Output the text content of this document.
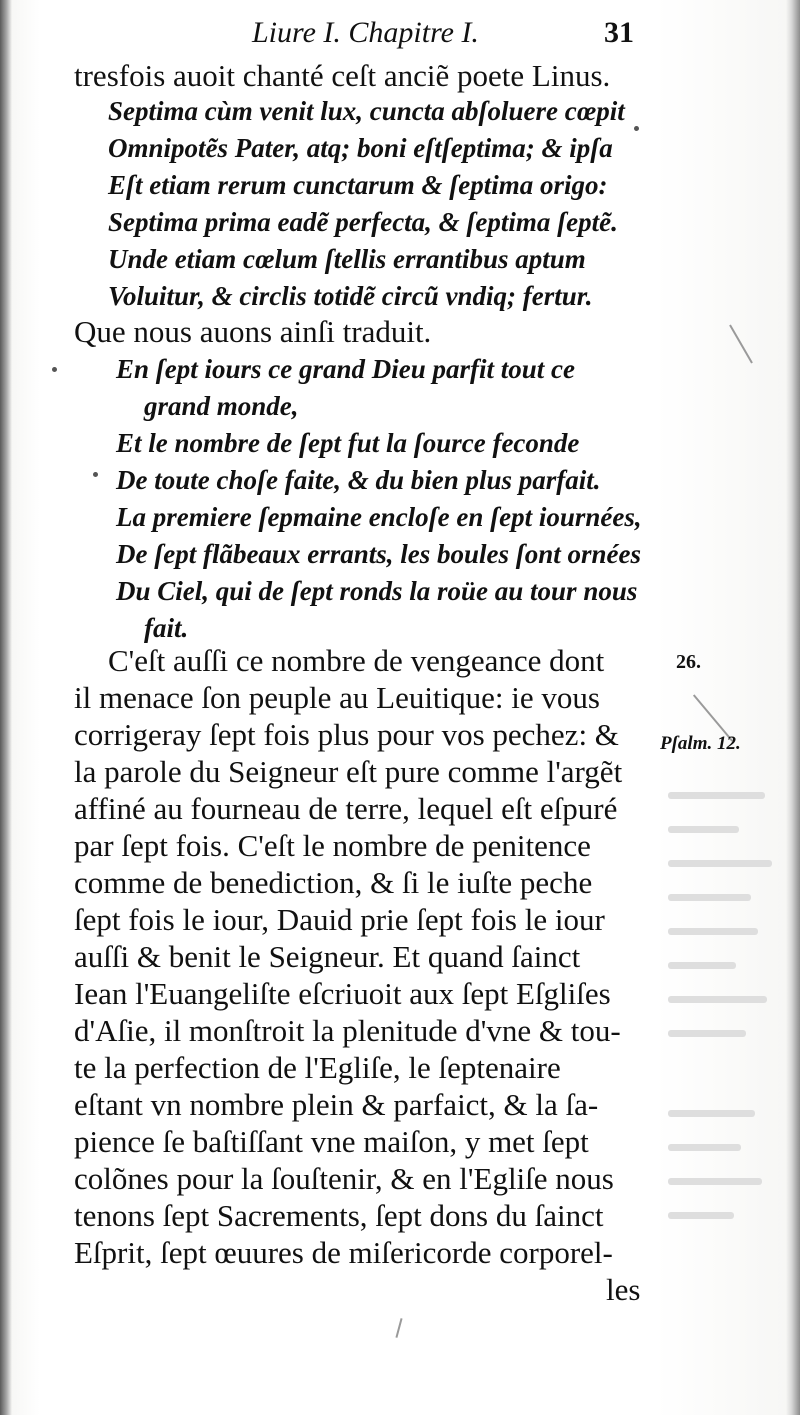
Liure I. Chapitre I.	31
tresfois auoit chanté ceſt anciẽ poete Linus.
Septima cùm venit lux, cuncta abſoluere cœpit
Omnipotẽs Pater, atq; boni eſtſeptima; & ipſa
Eſt etiam rerum cunctarum & ſeptima origo:
Septima prima eadẽ perfecta, & ſeptima ſeptẽ.
Unde etiam cœlum ſtellis errantibus aptum
Voluitur, & circlis totidẽ circũ vndiq; fertur.
Que nous auons ainſi traduit.
En ſept iours ce grand Dieu parfit tout ce
grand monde,
Et le nombre de ſept fut la ſource feconde
De toute choſe faite, & du bien plus parfait.
La premiere ſepmaine encloſe en ſept iournées,
De ſept flãbeaux errants, les boules ſont ornées
Du Ciel, qui de ſept ronds la roüe au tour nous
fait.
C'eſt auſſi ce nombre de vengeance dont
il menace ſon peuple au Leuitique: ie vous
corrigeray ſept fois plus pour vos pechez: &
la parole du Seigneur eſt pure comme l'argẽt
affiné au fourneau de terre, lequel eſt eſpuré
par ſept fois. C'eſt le nombre de penitence
comme de benediction, & ſi le iuſte peche
ſept fois le iour, Dauid prie ſept fois le iour
auſſi & benit le Seigneur. Et quand ſainct
Iean l'Euangeliſte eſcriuoit aux ſept Eſgliſes
d'Aſie, il monſtroit la plenitude d'vne & tou-
te la perfection de l'Egliſe, le ſeptenaire
eſtant vn nombre plein & parfaict, & la ſa-
pience ſe baſtiſſant vne maiſon, y met ſept
colõnes pour la ſouſtenir, & en l'Egliſe nous
tenons ſept Sacrements, ſept dons du ſainct
Eſprit, ſept œuures de miſericorde corporel-
les
26.
Pſalm. 12.
